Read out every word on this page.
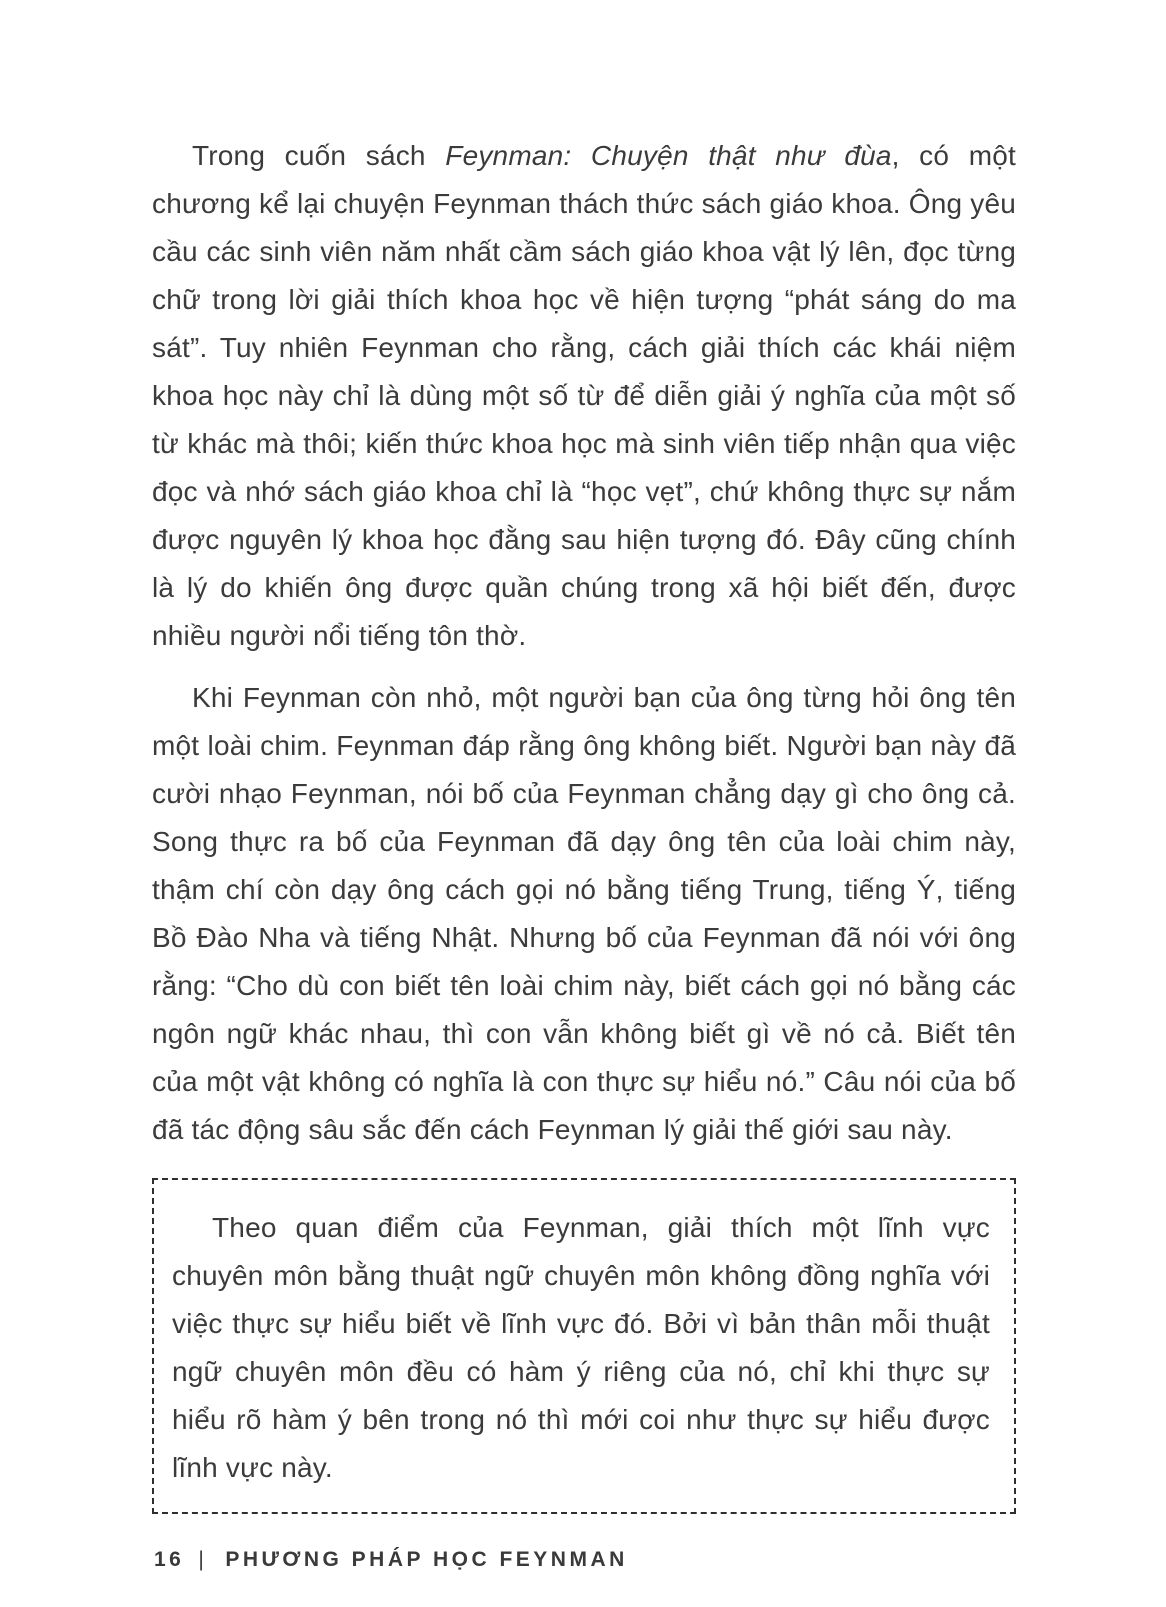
Trong cuốn sách Feynman: Chuyện thật như đùa, có một chương kể lại chuyện Feynman thách thức sách giáo khoa. Ông yêu cầu các sinh viên năm nhất cầm sách giáo khoa vật lý lên, đọc từng chữ trong lời giải thích khoa học về hiện tượng “phát sáng do ma sát”. Tuy nhiên Feynman cho rằng, cách giải thích các khái niệm khoa học này chỉ là dùng một số từ để diễn giải ý nghĩa của một số từ khác mà thôi; kiến thức khoa học mà sinh viên tiếp nhận qua việc đọc và nhớ sách giáo khoa chỉ là “học vẹt”, chứ không thực sự nắm được nguyên lý khoa học đằng sau hiện tượng đó. Đây cũng chính là lý do khiến ông được quần chúng trong xã hội biết đến, được nhiều người nổi tiếng tôn thờ.

Khi Feynman còn nhỏ, một người bạn của ông từng hỏi ông tên một loài chim. Feynman đáp rằng ông không biết. Người bạn này đã cười nhạo Feynman, nói bố của Feynman chẳng dạy gì cho ông cả. Song thực ra bố của Feynman đã dạy ông tên của loài chim này, thậm chí còn dạy ông cách gọi nó bằng tiếng Trung, tiếng Ý, tiếng Bồ Đào Nha và tiếng Nhật. Nhưng bố của Feynman đã nói với ông rằng: “Cho dù con biết tên loài chim này, biết cách gọi nó bằng các ngôn ngữ khác nhau, thì con vẫn không biết gì về nó cả. Biết tên của một vật không có nghĩa là con thực sự hiểu nó.” Câu nói của bố đã tác động sâu sắc đến cách Feynman lý giải thế giới sau này.

Theo quan điểm của Feynman, giải thích một lĩnh vực chuyên môn bằng thuật ngữ chuyên môn không đồng nghĩa với việc thực sự hiểu biết về lĩnh vực đó. Bởi vì bản thân mỗi thuật ngữ chuyên môn đều có hàm ý riêng của nó, chỉ khi thực sự hiểu rõ hàm ý bên trong nó thì mới coi như thực sự hiểu được lĩnh vực này.

16 | PHƯƠNG PHÁP HỌC FEYNMAN
